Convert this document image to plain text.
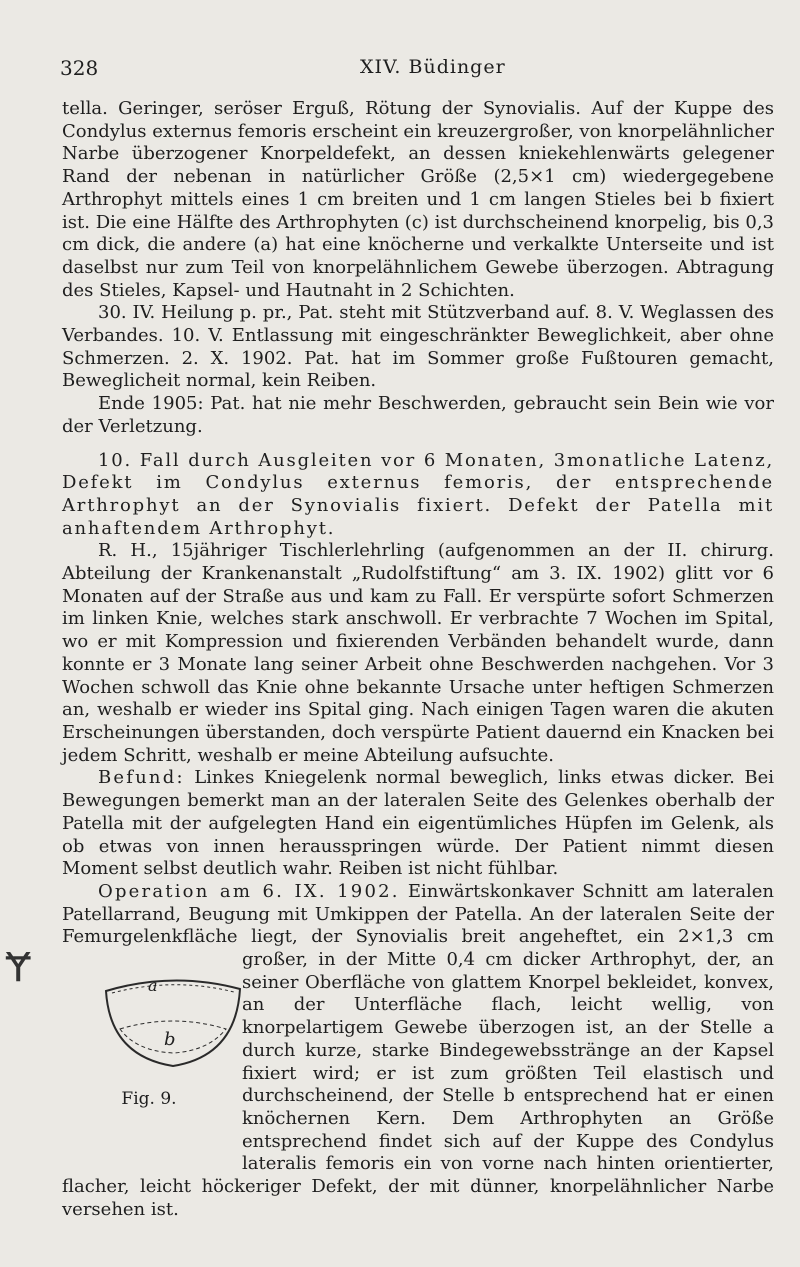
328	XIV. Büdinger
Ɏ

tella. Geringer, seröser Erguß, Rötung der Synovialis. Auf der Kuppe des Condylus externus femoris erscheint ein kreuzergroßer, von knorpelähnlicher Narbe überzogener Knorpeldefekt, an dessen kniekehlenwärts gelegener Rand der nebenan in natürlicher Größe (2,5×1 cm) wiedergegebene Arthrophyt mittels eines 1 cm breiten und 1 cm langen Stieles bei b fixiert ist. Die eine Hälfte des Arthrophyten (c) ist durchscheinend knorpelig, bis 0,3 cm dick, die andere (a) hat eine knöcherne und verkalkte Unterseite und ist daselbst nur zum Teil von knorpelähnlichem Gewebe überzogen. Abtragung des Stieles, Kapsel- und Hautnaht in 2 Schichten.

30. IV. Heilung p. pr., Pat. steht mit Stützverband auf. 8. V. Weglassen des Verbandes. 10. V. Entlassung mit eingeschränkter Beweglichkeit, aber ohne Schmerzen. 2. X. 1902. Pat. hat im Sommer große Fußtouren gemacht, Beweglicheit normal, kein Reiben.

Ende 1905: Pat. hat nie mehr Beschwerden, gebraucht sein Bein wie vor der Verletzung.

10. Fall durch Ausgleiten vor 6 Monaten, 3monatliche Latenz, Defekt im Condylus externus femoris, der entsprechende Arthrophyt an der Synovialis fixiert. Defekt der Patella mit anhaftendem Arthrophyt.

R. H., 15jähriger Tischlerlehrling (aufgenommen an der II. chirurg. Abteilung der Krankenanstalt „Rudolfstiftung“ am 3. IX. 1902) glitt vor 6 Monaten auf der Straße aus und kam zu Fall. Er verspürte sofort Schmerzen im linken Knie, welches stark anschwoll. Er verbrachte 7 Wochen im Spital, wo er mit Kompression und fixierenden Verbänden behandelt wurde, dann konnte er 3 Monate lang seiner Arbeit ohne Beschwerden nachgehen. Vor 3 Wochen schwoll das Knie ohne bekannte Ursache unter heftigen Schmerzen an, weshalb er wieder ins Spital ging. Nach einigen Tagen waren die akuten Erscheinungen überstanden, doch verspürte Patient dauernd ein Knacken bei jedem Schritt, weshalb er meine Abteilung aufsuchte.

Befund: Linkes Kniegelenk normal beweglich, links etwas dicker. Bei Bewegungen bemerkt man an der lateralen Seite des Gelenkes oberhalb der Patella mit der aufgelegten Hand ein eigentümliches Hüpfen im Gelenk, als ob etwas von innen herausspringen würde. Der Patient nimmt diesen Moment selbst deutlich wahr. Reiben ist nicht fühlbar.

Operation am 6. IX. 1902. Einwärtskonkaver Schnitt am lateralen Patellarrand, Beugung mit Umkippen der Patella. An der lateralen Seite der Femurgelenkfläche liegt, der Synovialis breit angeheftet, ein 2×1,3 cm
a
b
Fig. 9.
großer, in der Mitte 0,4 cm dicker Arthrophyt, der, an seiner Oberfläche von glattem Knorpel bekleidet, konvex, an der Unterfläche flach, leicht wellig, von knorpelartigem Gewebe überzogen ist, an der Stelle a durch kurze, starke Bindegewebsstränge an der Kapsel fixiert wird; er ist zum größten Teil elastisch und durchscheinend, der Stelle b entsprechend hat er einen knöchernen Kern. Dem Arthrophyten an Größe entsprechend findet sich auf der Kuppe des Condylus lateralis femoris ein von vorne nach hinten orientierter, flacher, leicht höckeriger Defekt, der mit dünner, knorpelähnlicher Narbe versehen ist.
